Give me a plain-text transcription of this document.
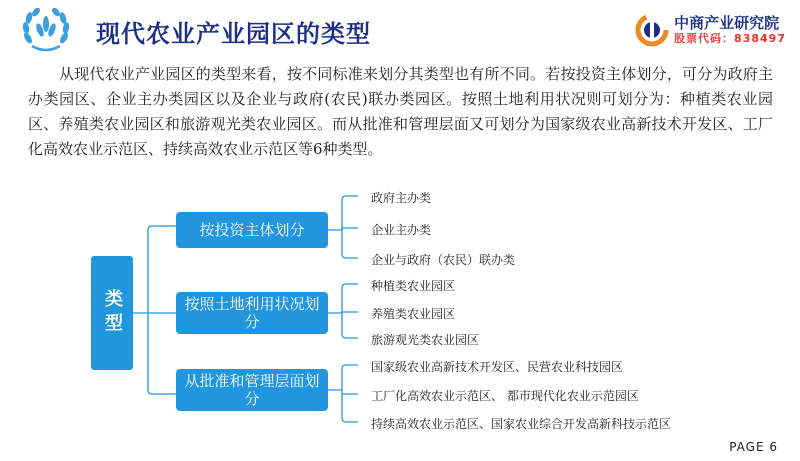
现代农业产业园区的类型	中商产业研究院
股票代码：838497

从现代农业产业园区的类型来看，按不同标准来划分其类型也有所不同。若按投资主体划分，可分为政府主办类园区、企业主办类园区以及企业与政府(农民)联办类园区。按照土地利用状况则可划分为：种植类农业园区、养殖类农业园区和旅游观光类农业园区。而从批准和管理层面又可划分为国家级农业高新技术开发区、工厂化高效农业示范区、持续高效农业示范区等6种类型。

类型
按投资主体划分
按照土地利用状况划分
从批准和管理层面划分
政府主办类
企业主办类
企业与政府（农民）联办类
种植类农业园区
养殖类农业园区
旅游观光类农业园区
国家级农业高新技术开发区、民营农业科技园区
工厂化高效农业示范区、 都市现代化农业示范园区
持续高效农业示范区、国家农业综合开发高新科技示范区
PAGE 6
